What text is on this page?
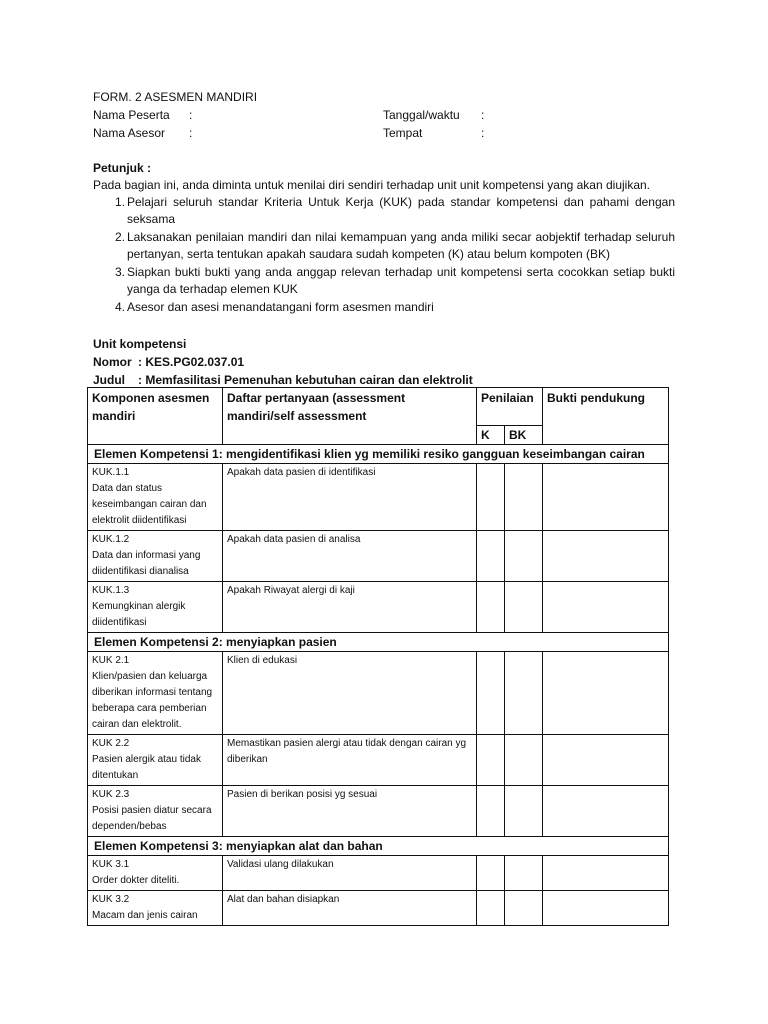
FORM. 2 ASESMEN MANDIRI
Nama Peserta :	Tanggal/waktu :
Nama Asesor :	Tempat	:
Petunjuk :
Pada bagian ini, anda diminta untuk menilai diri sendiri terhadap unit unit kompetensi yang akan diujikan.
1. Pelajari seluruh standar Kriteria Untuk Kerja (KUK) pada standar kompetensi dan pahami dengan seksama
2. Laksanakan penilaian mandiri dan nilai kemampuan yang anda miliki secar aobjektif terhadap seluruh pertanyan, serta tentukan apakah saudara sudah kompeten (K) atau belum kompoten (BK)
3. Siapkan bukti bukti yang anda anggap relevan terhadap unit kompetensi serta cocokkan setiap bukti yanga da terhadap elemen KUK
4. Asesor dan asesi menandatangani form asesmen mandiri
Unit kompetensi
Nomor : KES.PG02.037.01
Judul : Memfasilitasi Pemenuhan kebutuhan cairan dan elektrolit
Komponen asesmen mandiri	Daftar pertanyaan (assessment mandiri/self assessment	Penilaian		Bukti pendukung
		K	BK	
Elemen Kompetensi 1: mengidentifikasi klien yg memiliki resiko gangguan keseimbangan cairan				

KUK.1.1
Data dan status keseimbangan cairan dan elektrolit diidentifikasi	Apakah data pasien di identifikasi			

KUK.1.2
Data dan informasi yang diidentifikasi dianalisa	Apakah data pasien di analisa			

KUK.1.3
Kemungkinan alergik diidentifikasi	Apakah Riwayat alergi di kaji			
Elemen Kompetensi 2: menyiapkan pasien				

KUK 2.1
Klien/pasien dan keluarga diberikan informasi tentang beberapa cara pemberian cairan dan elektrolit.	Klien di edukasi			

KUK 2.2
Pasien alergik atau tidak ditentukan	Memastikan pasien alergi atau tidak dengan cairan yg diberikan			

KUK 2.3
Posisi pasien diatur secara dependen/bebas	Pasien di berikan posisi yg sesuai			
Elemen Kompetensi 3: menyiapkan alat dan bahan				

KUK 3.1
Order dokter diteliti.	Validasi ulang dilakukan			

KUK 3.2
Macam dan jenis cairan	Alat dan bahan disiapkan			
